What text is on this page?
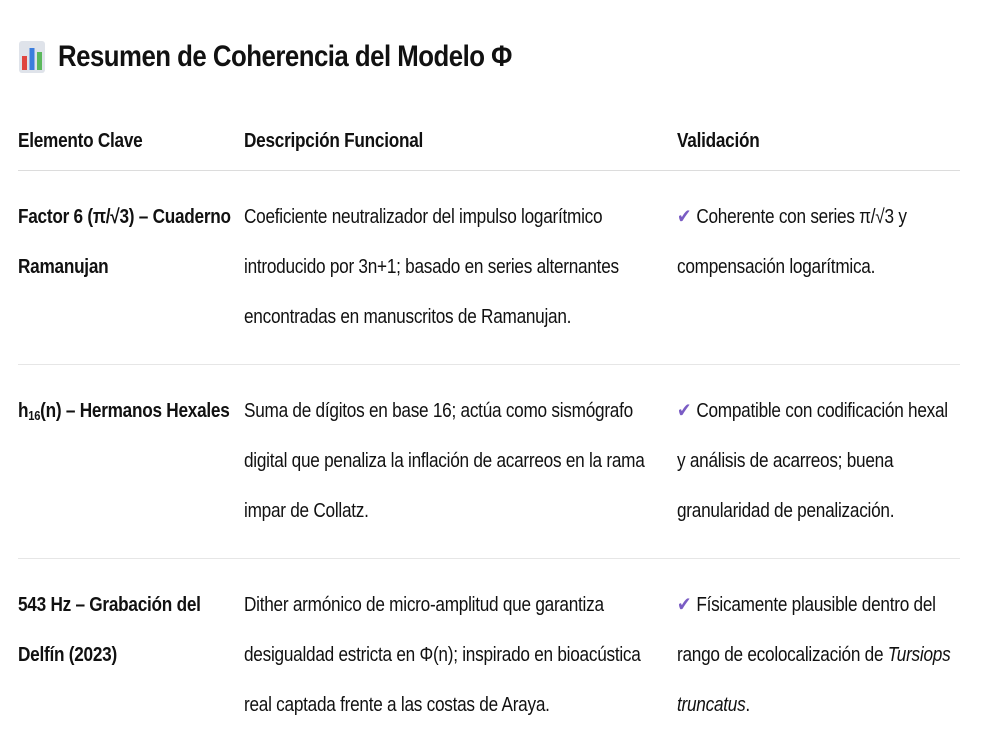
Resumen de Coherencia del Modelo Φ
Elemento Clave	Descripción Funcional	Validación

Factor 6 (π/√3) – Cuaderno Ramanujan	Coeficiente neutralizador del impulso logarítmico introducido por 3n+1; basado en series alternantes encontradas en manuscritos de Ramanujan.	✔ Coherente con series π/√3 y compensación logarítmica.

$h_{16}(n)$ – Hermanos Hexales	Suma de dígitos en base 16; actúa como sismógrafo digital que penaliza la inflación de acarreos en la rama impar de Collatz.	✔ Compatible con codificación hexal y análisis de acarreos; buena granularidad de penalización.

543 Hz – Grabación del Delfín (2023)	Dither armónico de micro-amplitud que garantiza desigualdad estricta en Φ(n); inspirado en bioacústica real captada frente a las costas de Araya.	✔ Físicamente plausible dentro del rango de ecolocalización de Tursiops truncatus.
